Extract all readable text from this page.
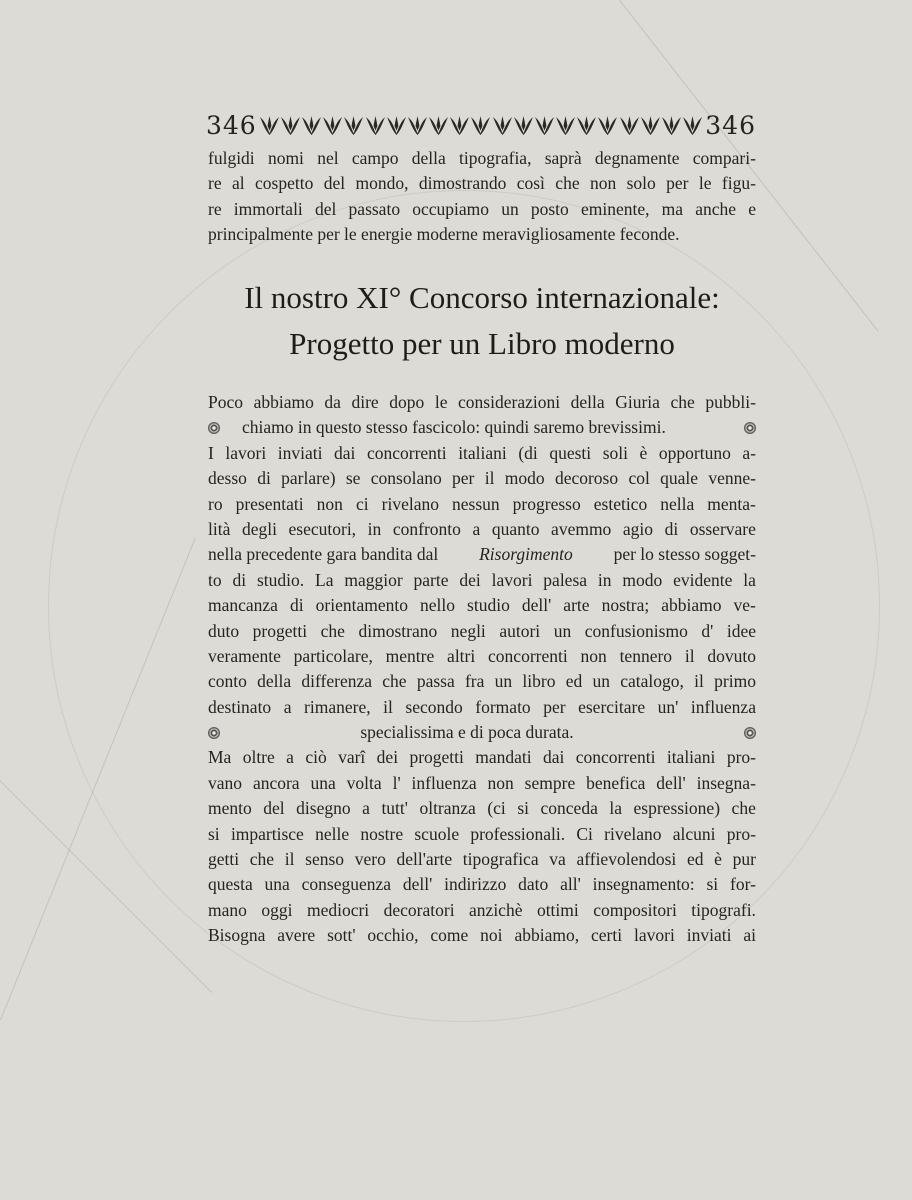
346	346
fulgidi nomi nel campo della tipografia, saprà degnamente compari-
re al cospetto del mondo, dimostrando così che non solo per le figu-
re immortali del passato occupiamo un posto eminente, ma anche e
principalmente per le energie moderne meravigliosamente feconde.
Il nostro XI° Concorso internazionale:
Progetto per un Libro moderno
Poco abbiamo da dire dopo le considerazioni della Giuria che pubbli-
chiamo in questo stesso fascicolo: quindi saremo brevissimi.
I lavori inviati dai concorrenti italiani (di questi soli è opportuno a-
desso di parlare) se consolano per il modo decoroso col quale venne-
ro presentati non ci rivelano nessun progresso estetico nella menta-
lità degli esecutori, in confronto a quanto avemmo agio di osservare
nella precedente gara bandita dal Risorgimento per lo stesso sogget-
to di studio. La maggior parte dei lavori palesa in modo evidente la
mancanza di orientamento nello studio dell' arte nostra; abbiamo ve-
duto progetti che dimostrano negli autori un confusionismo d' idee
veramente particolare, mentre altri concorrenti non tennero il dovuto
conto della differenza che passa fra un libro ed un catalogo, il primo
destinato a rimanere, il secondo formato per esercitare un' influenza
specialissima e di poca durata.
Ma oltre a ciò varî dei progetti mandati dai concorrenti italiani pro-
vano ancora una volta l' influenza non sempre benefica dell' insegna-
mento del disegno a tutt' oltranza (ci si conceda la espressione) che
si impartisce nelle nostre scuole professionali. Ci rivelano alcuni pro-
getti che il senso vero dell'arte tipografica va affievolendosi ed è pur
questa una conseguenza dell' indirizzo dato all' insegnamento: si for-
mano oggi mediocri decoratori anzichè ottimi compositori tipografi.
Bisogna avere sott' occhio, come noi abbiamo, certi lavori inviati ai
